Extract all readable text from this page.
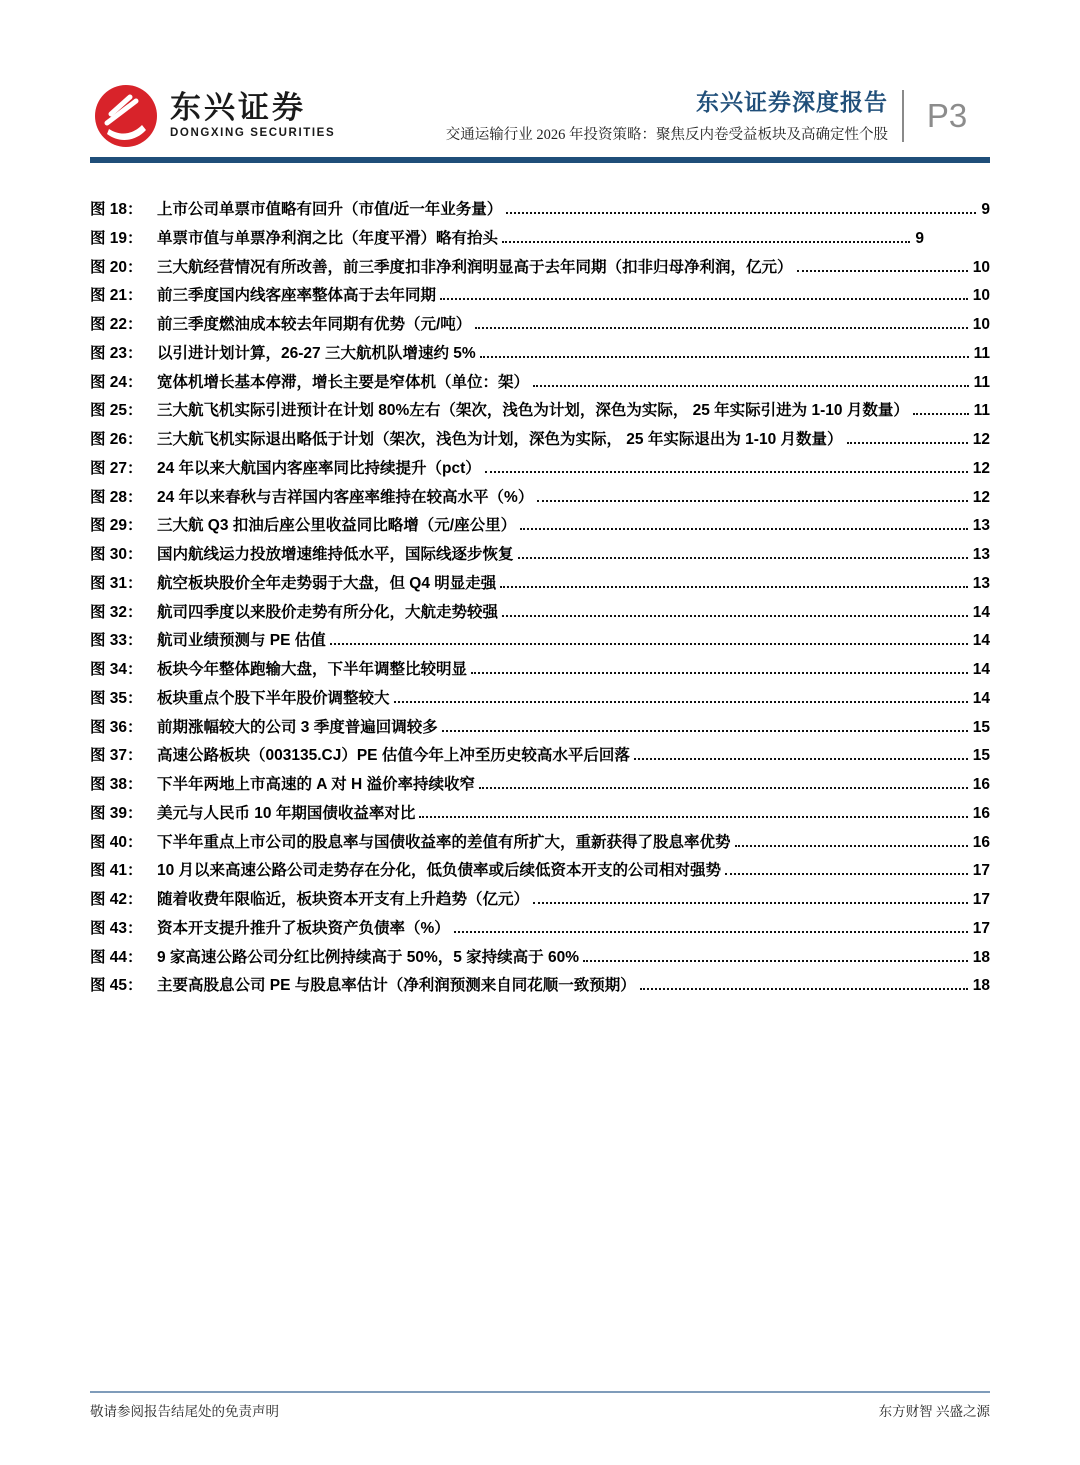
东兴证券
DONGXING SECURITIES
东兴证券深度报告
交通运输行业 2026 年投资策略：聚焦反内卷受益板块及高确定性个股
P3
图 18： 上市公司单票市值略有回升（市值/近一年业务量）	9
图 19： 单票市值与单票净利润之比（年度平滑）略有抬头	9
图 20： 三大航经营情况有所改善，前三季度扣非净利润明显高于去年同期（扣非归母净利润，亿元）	10
图 21： 前三季度国内线客座率整体高于去年同期	10
图 22： 前三季度燃油成本较去年同期有优势（元/吨）	10
图 23： 以引进计划计算，26-27 三大航机队增速约 5%	11
图 24： 宽体机增长基本停滞，增长主要是窄体机（单位：架）	11
图 25： 三大航飞机实际引进预计在计划 80%左右（架次，浅色为计划，深色为实际， 25 年实际引进为 1-10 月数量）	11
图 26： 三大航飞机实际退出略低于计划（架次，浅色为计划，深色为实际， 25 年实际退出为 1-10 月数量）	12
图 27： 24 年以来大航国内客座率同比持续提升（pct）	12
图 28： 24 年以来春秋与吉祥国内客座率维持在较高水平（%）	12
图 29： 三大航 Q3 扣油后座公里收益同比略增（元/座公里）	13
图 30： 国内航线运力投放增速维持低水平，国际线逐步恢复	13
图 31： 航空板块股价全年走势弱于大盘，但 Q4 明显走强	13
图 32： 航司四季度以来股价走势有所分化，大航走势较强	14
图 33： 航司业绩预测与 PE 估值	14
图 34： 板块今年整体跑输大盘，下半年调整比较明显	14
图 35： 板块重点个股下半年股价调整较大	14
图 36： 前期涨幅较大的公司 3 季度普遍回调较多	15
图 37： 高速公路板块（003135.CJ）PE 估值今年上冲至历史较高水平后回落	15
图 38： 下半年两地上市高速的 A 对 H 溢价率持续收窄	16
图 39： 美元与人民币 10 年期国债收益率对比	16
图 40： 下半年重点上市公司的股息率与国债收益率的差值有所扩大，重新获得了股息率优势	16
图 41： 10 月以来高速公路公司走势存在分化，低负债率或后续低资本开支的公司相对强势	17
图 42： 随着收费年限临近，板块资本开支有上升趋势（亿元）	17
图 43： 资本开支提升推升了板块资产负债率（%）	17
图 44： 9 家高速公路公司分红比例持续高于 50%，5 家持续高于 60%	18
图 45： 主要高股息公司 PE 与股息率估计（净利润预测来自同花顺一致预期）	18
敬请参阅报告结尾处的免责声明	东方财智 兴盛之源
